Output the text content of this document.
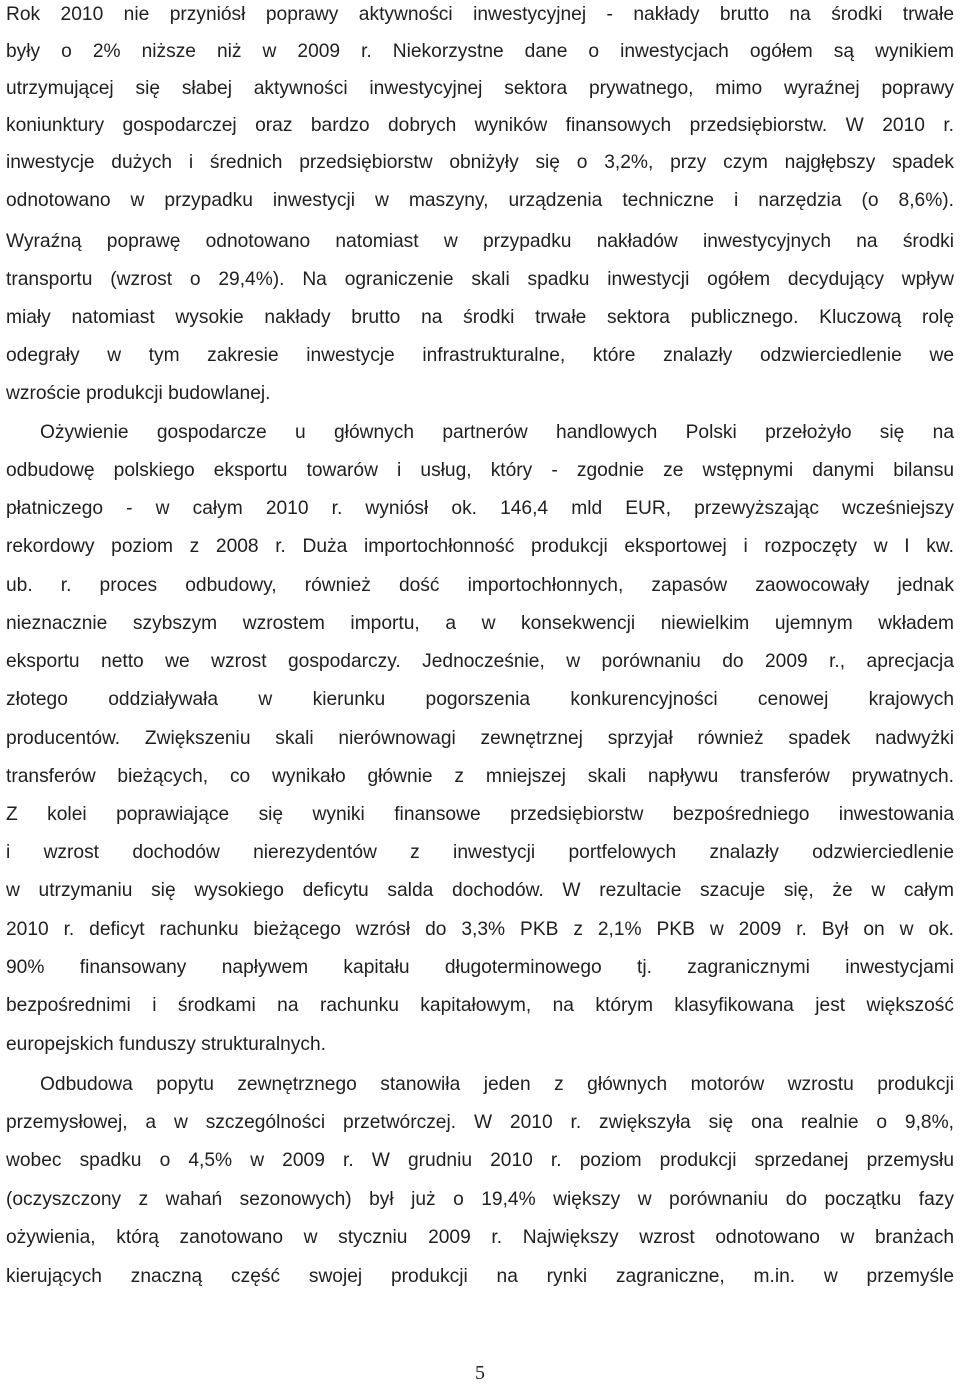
Rok 2010 nie przyniósł poprawy aktywności inwestycyjnej - nakłady brutto na środki trwałe
były o 2% niższe niż w 2009 r. Niekorzystne dane o inwestycjach ogółem są wynikiem
utrzymującej się słabej aktywności inwestycyjnej sektora prywatnego, mimo wyraźnej poprawy
koniunktury gospodarczej oraz bardzo dobrych wyników finansowych przedsiębiorstw. W 2010 r.
inwestycje dużych i średnich przedsiębiorstw obniżyły się o 3,2%, przy czym najgłębszy spadek
odnotowano w przypadku inwestycji w maszyny, urządzenia techniczne i narzędzia (o 8,6%).
Wyraźną poprawę odnotowano natomiast w przypadku nakładów inwestycyjnych na środki
transportu (wzrost o 29,4%). Na ograniczenie skali spadku inwestycji ogółem decydujący wpływ
miały natomiast wysokie nakłady brutto na środki trwałe sektora publicznego. Kluczową rolę
odegrały w tym zakresie inwestycje infrastrukturalne, które znalazły odzwierciedlenie we
wzroście produkcji budowlanej.
Ożywienie gospodarcze u głównych partnerów handlowych Polski przełożyło się na
odbudowę polskiego eksportu towarów i usług, który - zgodnie ze wstępnymi danymi bilansu
płatniczego - w całym 2010 r. wyniósł ok. 146,4 mld EUR, przewyższając wcześniejszy
rekordowy poziom z 2008 r. Duża importochłonność produkcji eksportowej i rozpoczęty w I kw.
ub. r. proces odbudowy, również dość importochłonnych, zapasów zaowocowały jednak
nieznacznie szybszym wzrostem importu, a w konsekwencji niewielkim ujemnym wkładem
eksportu netto we wzrost gospodarczy. Jednocześnie, w porównaniu do 2009 r., aprecjacja
złotego oddziaływała w kierunku pogorszenia konkurencyjności cenowej krajowych
producentów. Zwiększeniu skali nierównowagi zewnętrznej sprzyjał również spadek nadwyżki
transferów bieżących, co wynikało głównie z mniejszej skali napływu transferów prywatnych.
Z kolei poprawiające się wyniki finansowe przedsiębiorstw bezpośredniego inwestowania
i wzrost dochodów nierezydentów z inwestycji portfelowych znalazły odzwierciedlenie
w utrzymaniu się wysokiego deficytu salda dochodów. W rezultacie szacuje się, że w całym
2010 r. deficyt rachunku bieżącego wzrósł do 3,3% PKB z 2,1% PKB w 2009 r. Był on w ok.
90% finansowany napływem kapitału długoterminowego tj. zagranicznymi inwestycjami
bezpośrednimi i środkami na rachunku kapitałowym, na którym klasyfikowana jest większość
europejskich funduszy strukturalnych.
Odbudowa popytu zewnętrznego stanowiła jeden z głównych motorów wzrostu produkcji
przemysłowej, a w szczególności przetwórczej. W 2010 r. zwiększyła się ona realnie o 9,8%,
wobec spadku o 4,5% w 2009 r. W grudniu 2010 r. poziom produkcji sprzedanej przemysłu
(oczyszczony z wahań sezonowych) był już o 19,4% większy w porównaniu do początku fazy
ożywienia, którą zanotowano w styczniu 2009 r. Największy wzrost odnotowano w branżach
kierujących znaczną część swojej produkcji na rynki zagraniczne, m.in. w przemyśle
5
